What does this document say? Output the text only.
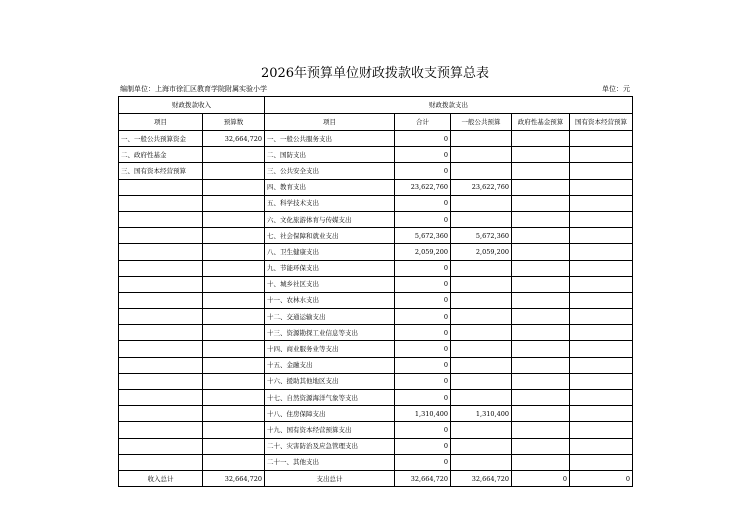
2026年预算单位财政拨款收支预算总表
编制单位：上海市徐汇区教育学院附属实验小学	单位：元
财政拨款收入		财政拨款支出				
项目	预算数	项目	合计	一般公共预算	政府性基金预算	国有资本经营预算
一、一般公共预算资金	32,664,720	一、一般公共服务支出	0			
二、政府性基金		二、国防支出	0			
三、国有资本经营预算		三、公共安全支出	0			
		四、教育支出	23,622,760	23,622,760		
		五、科学技术支出	0			
		六、文化旅游体育与传媒支出	0			
		七、社会保障和就业支出	5,672,360	5,672,360		
		八、卫生健康支出	2,059,200	2,059,200		
		九、节能环保支出	0			
		十、城乡社区支出	0			
		十一、农林水支出	0			
		十二、交通运输支出	0			
		十三、资源勘探工业信息等支出	0			
		十四、商业服务业等支出	0			
		十五、金融支出	0			
		十六、援助其他地区支出	0			
		十七、自然资源海洋气象等支出	0			
		十八、住房保障支出	1,310,400	1,310,400		
		十九、国有资本经营预算支出	0			
		二十、灾害防治及应急管理支出	0			
		二十一、其他支出	0			
收入总计	32,664,720	支出总计	32,664,720	32,664,720	0	0
